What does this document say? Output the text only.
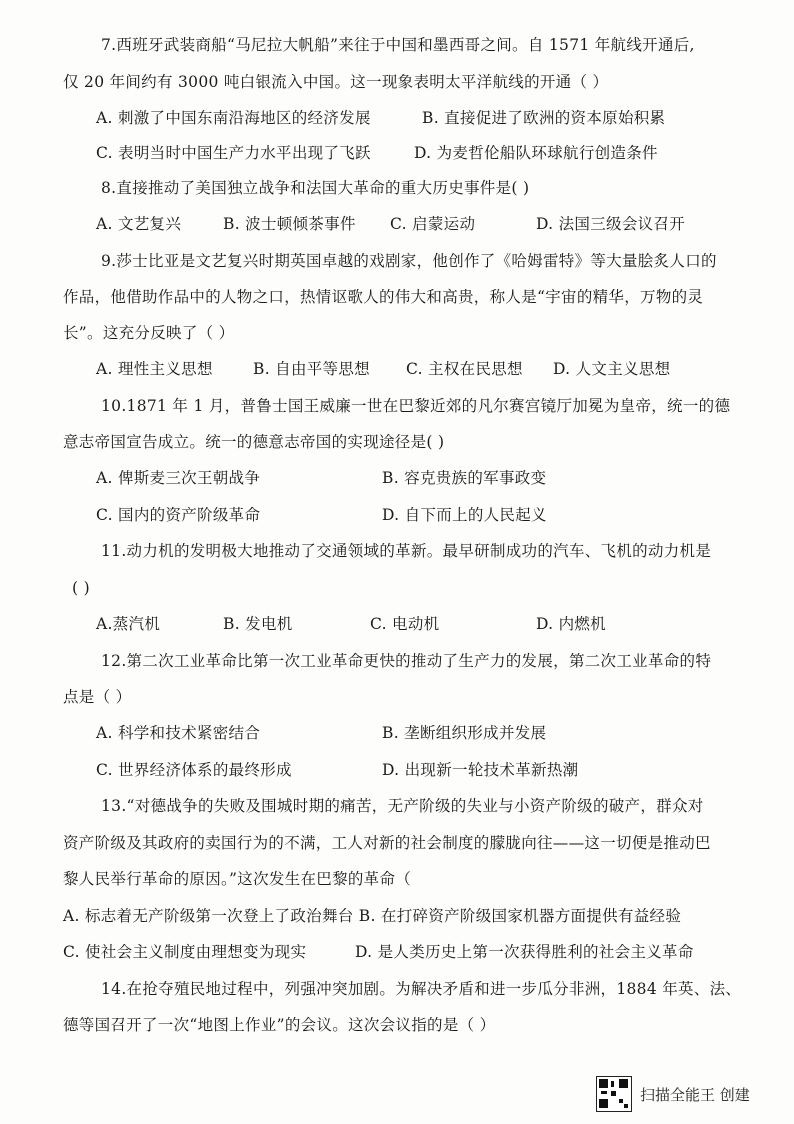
7.西班牙武装商船“马尼拉大帆船”来往于中国和墨西哥之间。自 1571 年航线开通后,
仅 20 年间约有 3000 吨白银流入中国。这一现象表明太平洋航线的开通（ ）
A. 刺激了中国东南沿海地区的经济发展	B. 直接促进了欧洲的资本原始积累
C. 表明当时中国生产力水平出现了飞跃	D. 为麦哲伦船队环球航行创造条件
8.直接推动了美国独立战争和法国大革命的重大历史事件是( )
A. 文艺复兴	B. 波士顿倾茶事件 C. 启蒙运动	D. 法国三级会议召开
9.莎士比亚是文艺复兴时期英国卓越的戏剧家，他创作了《哈姆雷特》等大量脍炙人口的
作品，他借助作品中的人物之口，热情讴歌人的伟大和高贵，称人是“宇宙的精华，万物的灵
长”。这充分反映了（ ）
A. 理性主义思想	B. 自由平等思想 C. 主权在民思想 D. 人文主义思想
10.1871 年 1 月，普鲁士国王威廉一世在巴黎近郊的凡尔赛宫镜厅加冕为皇帝，统一的德
意志帝国宣告成立。统一的德意志帝国的实现途径是( )
A. 俾斯麦三次王朝战争	B. 容克贵族的军事政变
C. 国内的资产阶级革命	D. 自下而上的人民起义
11.动力机的发明极大地推动了交通领域的革新。最早研制成功的汽车、飞机的动力机是
( )
A.蒸汽机	B. 发电机	C. 电动机	D. 内燃机
12.第二次工业革命比第一次工业革命更快的推动了生产力的发展，第二次工业革命的特
点是（ ）
A. 科学和技术紧密结合	B. 垄断组织形成并发展
C. 世界经济体系的最终形成	D. 出现新一轮技术革新热潮
13.“对德战争的失败及围城时期的痛苦，无产阶级的失业与小资产阶级的破产，群众对
资产阶级及其政府的卖国行为的不满，工人对新的社会制度的朦胧向往——这一切便是推动巴
黎人民举行革命的原因。”这次发生在巴黎的革命（
A. 标志着无产阶级第一次登上了政治舞台 B. 在打碎资产阶级国家机器方面提供有益经验
C. 使社会主义制度由理想变为现实	D. 是人类历史上第一次获得胜利的社会主义革命
14.在抢夺殖民地过程中，列强冲突加剧。为解决矛盾和进一步瓜分非洲，1884 年英、法、
德等国召开了一次“地图上作业”的会议。这次会议指的是（ ）
扫描全能王 创建
